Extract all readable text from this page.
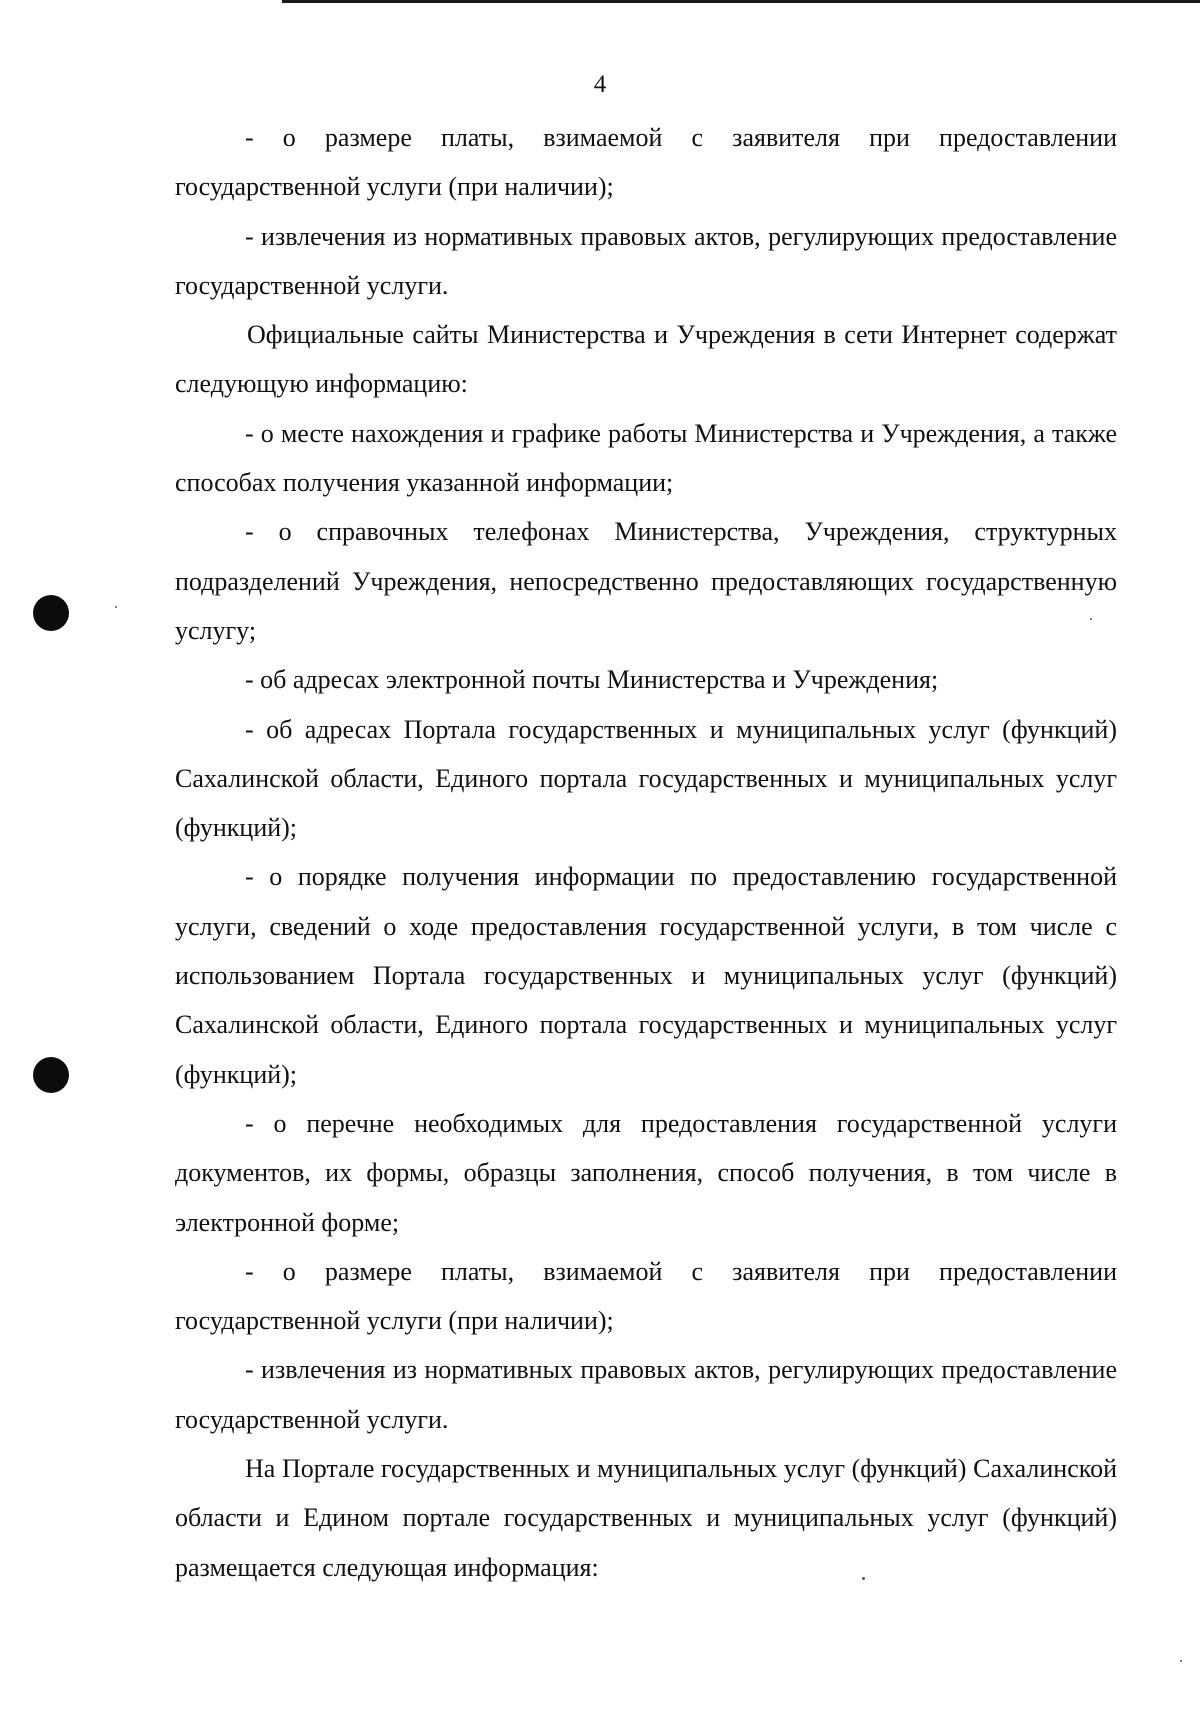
4

- о размере платы, взимаемой с заявителя при предоставлении государственной услуги (при наличии);

- извлечения из нормативных правовых актов, регулирующих предоставление государственной услуги.

Официальные сайты Министерства и Учреждения в сети Интернет содержат следующую информацию:

- о месте нахождения и графике работы Министерства и Учреждения, а также способах получения указанной информации;

- о справочных телефонах Министерства, Учреждения, структурных подразделений Учреждения, непосредственно предоставляющих государственную услугу;

- об адресах электронной почты Министерства и Учреждения;

- об адресах Портала государственных и муниципальных услуг (функций) Сахалинской области, Единого портала государственных и муниципальных услуг (функций);

- о порядке получения информации по предоставлению государственной услуги, сведений о ходе предоставления государственной услуги, в том числе с использованием Портала государственных и муниципальных услуг (функций) Сахалинской области, Единого портала государственных и муниципальных услуг (функций);

- о перечне необходимых для предоставления государственной услуги документов, их формы, образцы заполнения, способ получения, в том числе в электронной форме;

- о размере платы, взимаемой с заявителя при предоставлении государственной услуги (при наличии);

- извлечения из нормативных правовых актов, регулирующих предоставление государственной услуги.

На Портале государственных и муниципальных услуг (функций) Сахалинской области и Едином портале государственных и муниципальных услуг (функций) размещается следующая информация:
